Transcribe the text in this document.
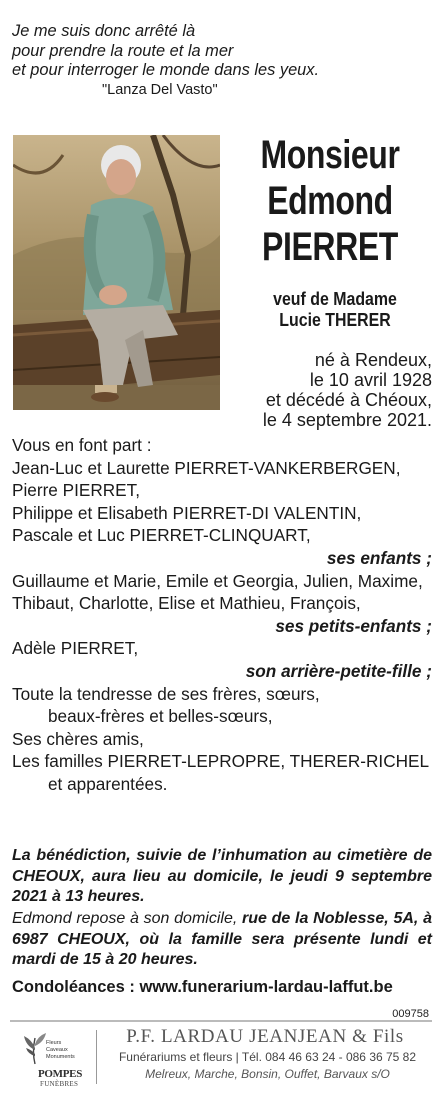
Je me suis donc arrêté là
pour prendre la route et la mer
et pour interroger le monde dans les yeux.
"Lanza Del Vasto"
Monsieur
Edmond
PIERRET
veuf de Madame
Lucie THERER
né à Rendeux,
le 10 avril 1928
et décédé à Chéoux,
le 4 septembre 2021.
Vous en font part :
Jean-Luc et Laurette PIERRET-VANKERBERGEN,
Pierre PIERRET,
Philippe et Elisabeth PIERRET-DI VALENTIN,
Pascale et Luc PIERRET-CLINQUART,
ses enfants ;
Guillaume et Marie, Emile et Georgia, Julien, Maxime,
Thibaut, Charlotte, Elise et Mathieu, François,
ses petits-enfants ;
Adèle PIERRET,
son arrière-petite-fille ;
Toute la tendresse de ses frères, sœurs,
beaux-frères et belles-sœurs,
Ses chères amis,
Les familles PIERRET-LEPROPRE, THERER-RICHEL
et apparentées.
La bénédiction, suivie de l’inhumation au cimetière de CHEOUX, aura lieu au domicile, le jeudi 9 septembre 2021 à 13 heures.
Edmond repose à son domicile, rue de la Noblesse, 5A, à 6987 CHEOUX, où la famille sera présente lundi et mardi de 15 à 20 heures.
Condoléances : www.funerarium-lardau-laffut.be
009758
Fleurs
Caveaux
Monuments
POMPES
FUNÈBRES
P.F. LARDAU JEANJEAN & Fils
Funérariums et fleurs | Tél. 084 46 63 24 - 086 36 75 82
Melreux, Marche, Bonsin, Ouffet, Barvaux s/O
